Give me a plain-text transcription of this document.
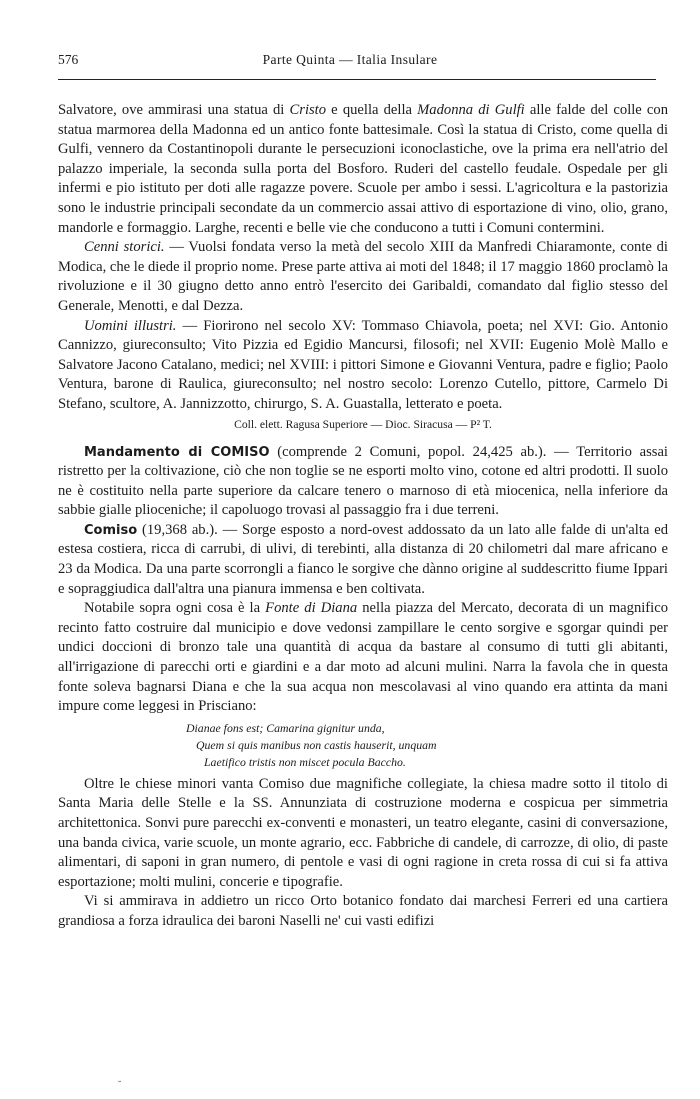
576	Parte Quinta — Italia Insulare

Salvatore, ove ammirasi una statua di Cristo e quella della Madonna di Gulfi alle falde del colle con statua marmorea della Madonna ed un antico fonte battesimale. Così la statua di Cristo, come quella di Gulfi, vennero da Costantinopoli durante le persecuzioni iconoclastiche, ove la prima era nell'atrio del palazzo imperiale, la seconda sulla porta del Bosforo. Ruderi del castello feudale. Ospedale per gli infermi e pio istituto per doti alle ragazze povere. Scuole per ambo i sessi. L'agricoltura e la pastorizia sono le industrie principali secondate da un commercio assai attivo di esportazione di vino, olio, grano, mandorle e formaggio. Larghe, recenti e belle vie che conducono a tutti i Comuni contermini.

Cenni storici. — Vuolsi fondata verso la metà del secolo XIII da Manfredi Chiaramonte, conte di Modica, che le diede il proprio nome. Prese parte attiva ai moti del 1848; il 17 maggio 1860 proclamò la rivoluzione e il 30 giugno detto anno entrò l'esercito dei Garibaldi, comandato dal figlio stesso del Generale, Menotti, e dal Dezza.

Uomini illustri. — Fiorirono nel secolo XV: Tommaso Chiavola, poeta; nel XVI: Gio. Antonio Cannizzo, giureconsulto; Vito Pizzia ed Egidio Mancursi, filosofi; nel XVII: Eugenio Molè Mallo e Salvatore Jacono Catalano, medici; nel XVIII: i pittori Simone e Giovanni Ventura, padre e figlio; Paolo Ventura, barone di Raulica, giureconsulto; nel nostro secolo: Lorenzo Cutello, pittore, Carmelo Di Stefano, scultore, A. Jannizzotto, chirurgo, S. A. Guastalla, letterato e poeta.

Coll. elett. Ragusa Superiore — Dioc. Siracusa — P² T.

Mandamento di COMISO (comprende 2 Comuni, popol. 24,425 ab.). — Territorio assai ristretto per la coltivazione, ciò che non toglie se ne esporti molto vino, cotone ed altri prodotti. Il suolo ne è costituito nella parte superiore da calcare tenero o marnoso di età miocenica, nella inferiore da sabbie gialle plioceniche; il capoluogo trovasi al passaggio fra i due terreni.

Comiso (19,368 ab.). — Sorge esposto a nord-ovest addossato da un lato alle falde di un'alta ed estesa costiera, ricca di carrubi, di ulivi, di terebinti, alla distanza di 20 chilometri dal mare africano e 23 da Modica. Da una parte scorrongli a fianco le sorgive che dànno origine al suddescritto fiume Ippari e sopraggiudica dall'altra una pianura immensa e ben coltivata.

Notabile sopra ogni cosa è la Fonte di Diana nella piazza del Mercato, decorata di un magnifico recinto fatto costruire dal municipio e dove vedonsi zampillare le cento sorgive e sgorgar quindi per undici doccioni di bronzo tale una quantità di acqua da bastare al consumo di tutti gli abitanti, all'irrigazione di parecchi orti e giardini e a dar moto ad alcuni mulini. Narra la favola che in questa fonte soleva bagnarsi Diana e che la sua acqua non mescolavasi al vino quando era attinta da mani impure come leggesi in Prisciano:

Dianae fons est; Camarina gignitur unda,
Quem si quis manibus non castis hauserit, unquam
Laetifico tristis non miscet pocula Baccho.

Oltre le chiese minori vanta Comiso due magnifiche collegiate, la chiesa madre sotto il titolo di Santa Maria delle Stelle e la SS. Annunziata di costruzione moderna e cospicua per simmetria architettonica. Sonvi pure parecchi ex-conventi e monasteri, un teatro elegante, casini di conversazione, una banda civica, varie scuole, un monte agrario, ecc. Fabbriche di candele, di carrozze, di olio, di paste alimentari, di saponi in gran numero, di pentole e vasi di ogni ragione in creta rossa di cui si fa attiva esportazione; molti mulini, concerie e tipografie.

Vi si ammirava in addietro un ricco Orto botanico fondato dai marchesi Ferreri ed una cartiera grandiosa a forza idraulica dei baroni Naselli ne' cui vasti edifizi

˘
